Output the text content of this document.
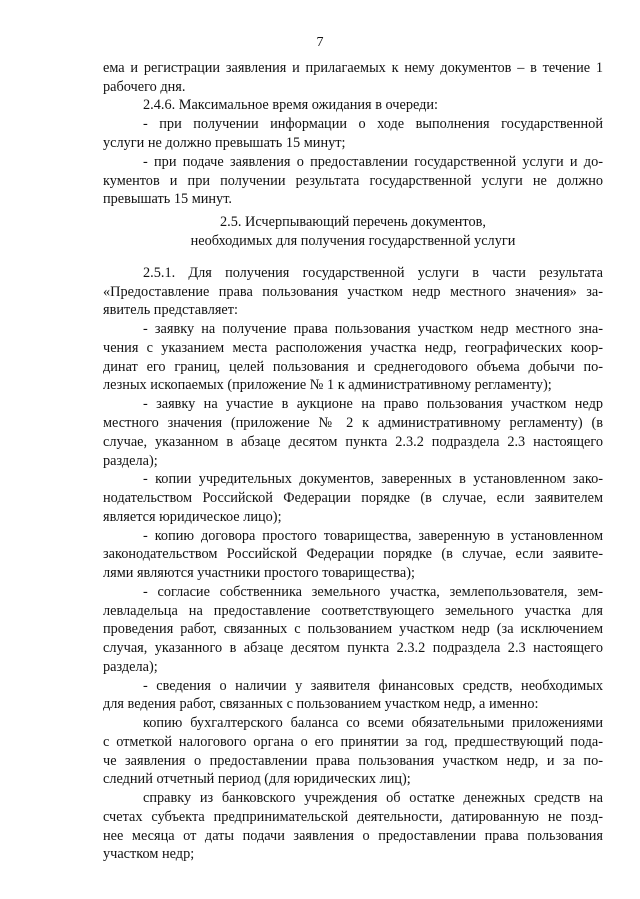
7
ема и регистрации заявления и прилагаемых к нему документов – в течение 1
рабочего дня.
2.4.6. Максимальное время ожидания в очереди:
- при получении информации о ходе выполнения государственной
услуги не должно превышать 15 минут;
- при подаче заявления о предоставлении государственной услуги и до-
кументов и при получении результата государственной услуги не должно
превышать 15 минут.
2.5. Исчерпывающий перечень документов,
необходимых для получения государственной услуги
2.5.1. Для получения государственной услуги в части результата
«Предоставление права пользования участком недр местного значения» за-
явитель представляет:
- заявку на получение права пользования участком недр местного зна-
чения с указанием места расположения участка недр, географических коор-
динат его границ, целей пользования и среднегодового объема добычи по-
лезных ископаемых (приложение № 1 к административному регламенту);
- заявку на участие в аукционе на право пользования участком недр
местного значения (приложение № 2 к административному регламенту) (в
случае, указанном в абзаце десятом пункта 2.3.2 подраздела 2.3 настоящего
раздела);
- копии учредительных документов, заверенных в установленном зако-
нодательством Российской Федерации порядке (в случае, если заявителем
является юридическое лицо);
- копию договора простого товарищества, заверенную в установленном
законодательством Российской Федерации порядке (в случае, если заявите-
лями являются участники простого товарищества);
- согласие собственника земельного участка, землепользователя, зем-
левладельца на предоставление соответствующего земельного участка для
проведения работ, связанных с пользованием участком недр (за исключением
случая, указанного в абзаце десятом пункта 2.3.2 подраздела 2.3 настоящего
раздела);
- сведения о наличии у заявителя финансовых средств, необходимых
для ведения работ, связанных с пользованием участком недр, а именно:
копию бухгалтерского баланса со всеми обязательными приложениями
с отметкой налогового органа о его принятии за год, предшествующий пода-
че заявления о предоставлении права пользования участком недр, и за по-
следний отчетный период (для юридических лиц);
справку из банковского учреждения об остатке денежных средств на
счетах субъекта предпринимательской деятельности, датированную не позд-
нее месяца от даты подачи заявления о предоставлении права пользования
участком недр;
